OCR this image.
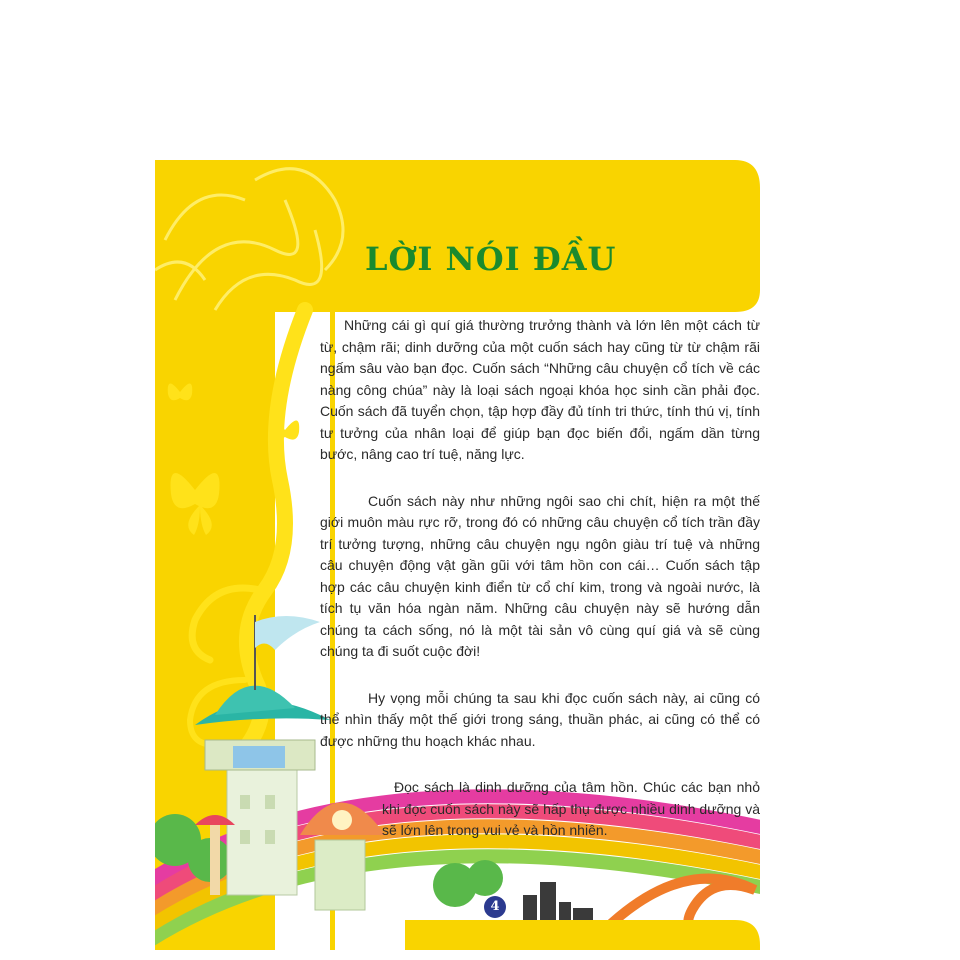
LỜI NÓI ĐẦU

Những cái gì quí giá thường trưởng thành và lớn lên một cách từ từ, chậm rãi; dinh dưỡng của một cuốn sách hay cũng từ từ chậm rãi ngấm sâu vào bạn đọc. Cuốn sách “Những câu chuyện cổ tích về các nàng công chúa” này là loại sách ngoại khóa học sinh cần phải đọc. Cuốn sách đã tuyển chọn, tập hợp đầy đủ tính tri thức, tính thú vị, tính tư tưởng của nhân loại để giúp bạn đọc biến đổi, ngấm dần từng bước, nâng cao trí tuệ, năng lực.

Cuốn sách này như những ngôi sao chi chít, hiện ra một thế giới muôn màu rực rỡ, trong đó có những câu chuyện cổ tích trần đầy trí tưởng tượng, những câu chuyện ngụ ngôn giàu trí tuệ và những câu chuyện động vật gần gũi với tâm hồn con cái… Cuốn sách tập hợp các câu chuyện kinh điển từ cổ chí kim, trong và ngoài nước, là tích tụ văn hóa ngàn năm. Những câu chuyện này sẽ hướng dẫn chúng ta cách sống, nó là một tài sản vô cùng quí giá và sẽ cùng chúng ta đi suốt cuộc đời!

Hy vọng mỗi chúng ta sau khi đọc cuốn sách này, ai cũng có thể nhìn thấy một thế giới trong sáng, thuần phác, ai cũng có thể có được những thu hoạch khác nhau.

Đọc sách là dinh dưỡng của tâm hồn. Chúc các bạn nhỏ khi đọc cuốn sách này sẽ hấp thụ được nhiều dinh dưỡng và sẽ lớn lên trong vui vẻ và hồn nhiên.

4
